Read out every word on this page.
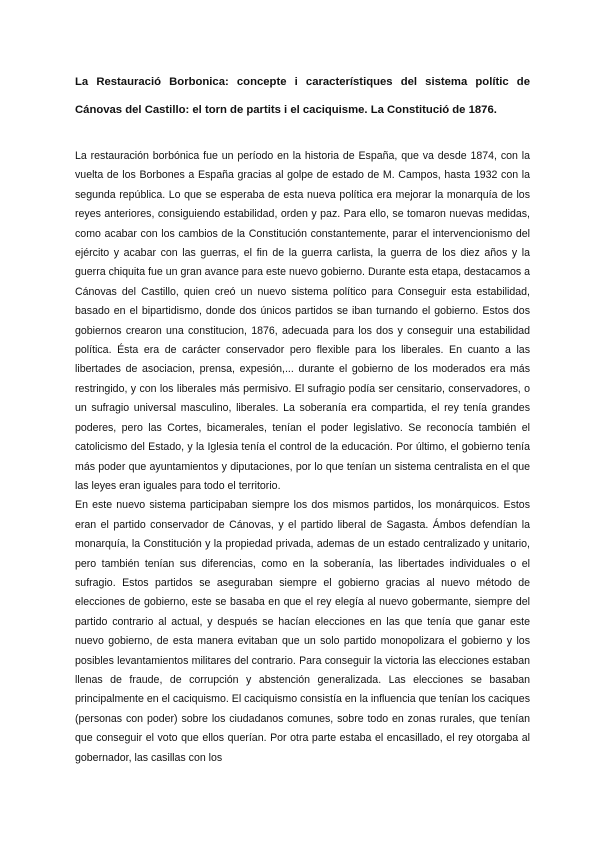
La Restauració Borbonica: concepte i característiques del sistema polític de Cánovas del Castillo: el torn de partits i el caciquisme. La Constitució de 1876.

La restauración borbónica fue un período en la historia de España, que va desde 1874, con la vuelta de los Borbones a España gracias al golpe de estado de M. Campos, hasta 1932 con la segunda república. Lo que se esperaba de esta nueva política era mejorar la monarquía de los reyes anteriores, consiguiendo estabilidad, orden y paz. Para ello, se tomaron nuevas medidas, como acabar con los cambios de la Constitución constantemente, parar el intervencionismo del ejército y acabar con las guerras, el fin de la guerra carlista, la guerra de los diez años y la guerra chiquita fue un gran avance para este nuevo gobierno. Durante esta etapa, destacamos a Cánovas del Castillo, quien creó un nuevo sistema político para Conseguir esta estabilidad, basado en el bipartidismo, donde dos únicos partidos se iban turnando el gobierno. Estos dos gobiernos crearon una constitucion, 1876, adecuada para los dos y conseguir una estabilidad política. Ésta era de carácter conservador pero flexible para los liberales. En cuanto a las libertades de asociacion, prensa, expesión,... durante el gobierno de los moderados era más restringido, y con los liberales más permisivo. El sufragio podía ser censitario, conservadores, o un sufragio universal masculino, liberales. La soberanía era compartida, el rey tenía grandes poderes, pero las Cortes, bicamerales, tenían el poder legislativo. Se reconocía también el catolicismo del Estado, y la Iglesia tenía el control de la educación. Por último, el gobierno tenía más poder que ayuntamientos y diputaciones, por lo que tenían un sistema centralista en el que las leyes eran iguales para todo el territorio.

En este nuevo sistema participaban siempre los dos mismos partidos, los monárquicos. Estos eran el partido conservador de Cánovas, y el partido liberal de Sagasta. Ámbos defendían la monarquía, la Constitución y la propiedad privada, ademas de un estado centralizado y unitario, pero también tenían sus diferencias, como en la soberanía, las libertades individuales o el sufragio. Estos partidos se aseguraban siempre el gobierno gracias al nuevo método de elecciones de gobierno, este se basaba en que el rey elegía al nuevo gobermante, siempre del partido contrario al actual, y después se hacían elecciones en las que tenía que ganar este nuevo gobierno, de esta manera evitaban que un solo partido monopolizara el gobierno y los posibles levantamientos militares del contrario. Para conseguir la victoria las elecciones estaban llenas de fraude, de corrupción y abstención generalizada. Las elecciones se basaban principalmente en el caciquismo. El caciquismo consistía en la influencia que tenían los caciques (personas con poder) sobre los ciudadanos comunes, sobre todo en zonas rurales, que tenían que conseguir el voto que ellos querían. Por otra parte estaba el encasillado, el rey otorgaba al gobernador, las casillas con los
